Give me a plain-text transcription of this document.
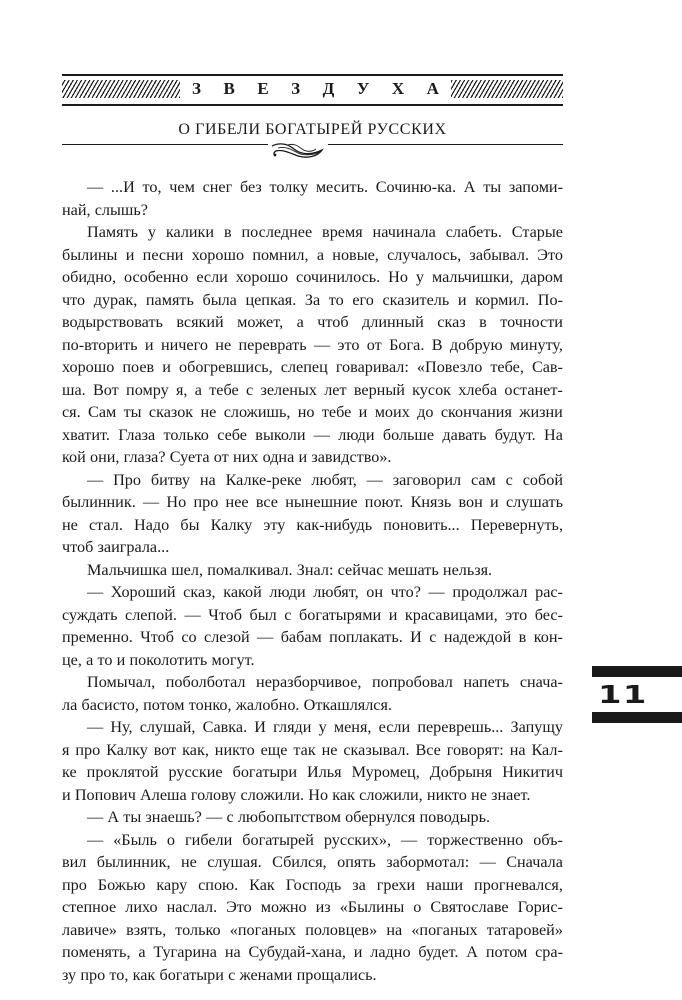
З В Е З Д У Х А
О ГИБЕЛИ БОГАТЫРЕЙ РУССКИХ
— ...И то, чем снег без толку месить. Сочиню-ка. А ты запоми-
най, слышь?
Память у калики в последнее время начинала слабеть. Старые
былины и песни хорошо помнил, а новые, случалось, забывал. Это
обидно, особенно если хорошо сочинилось. Но у мальчишки, даром
что дурак, память была цепкая. За то его сказитель и кормил. По-
водырствовать всякий может, а чтоб длинный сказ в точности
по-вторить и ничего не переврать — это от Бога. В добрую минуту,
хорошо поев и обогревшись, слепец говаривал: «Повезло тебе, Сав-
ша. Вот помру я, а тебе с зеленых лет верный кусок хлеба останет-
ся. Сам ты сказок не сложишь, но тебе и моих до скончания жизни
хватит. Глаза только себе выколи — люди больше давать будут. На
кой они, глаза? Суета от них одна и завидство».
— Про битву на Калке-реке любят, — заговорил сам с собой
былинник. — Но про нее все нынешние поют. Князь вон и слушать
не стал. Надо бы Калку эту как-нибудь поновить... Перевернуть,
чтоб заиграла...
Мальчишка шел, помалкивал. Знал: сейчас мешать нельзя.
— Хороший сказ, какой люди любят, он что? — продолжал рас-
суждать слепой. — Чтоб был с богатырями и красавицами, это бес-
пременно. Чтоб со слезой — бабам поплакать. И с надеждой в кон-
це, а то и поколотить могут.
Помычал, поболботал неразборчивое, попробовал напеть снача-
ла басисто, потом тонко, жалобно. Откашлялся.
— Ну, слушай, Савка. И гляди у меня, если переврешь... Запущу
я про Калку вот как, никто еще так не сказывал. Все говорят: на Кал-
ке проклятой русские богатыри Илья Муромец, Добрыня Никитич
и Попович Алеша голову сложили. Но как сложили, никто не знает.
— А ты знаешь? — с любопытством обернулся поводырь.
— «Быль о гибели богатырей русских», — торжественно объ-
вил былинник, не слушая. Сбился, опять забормотал: — Сначала
про Божью кару спою. Как Господь за грехи наши прогневался,
степное лихо наслал. Это можно из «Былины о Святославе Горис-
лавиче» взять, только «поганых половцев» на «поганых татаровей»
поменять, а Тугарина на Субудай-хана, и ладно будет. А потом сра-
зу про то, как богатыри с женами прощались.
11
